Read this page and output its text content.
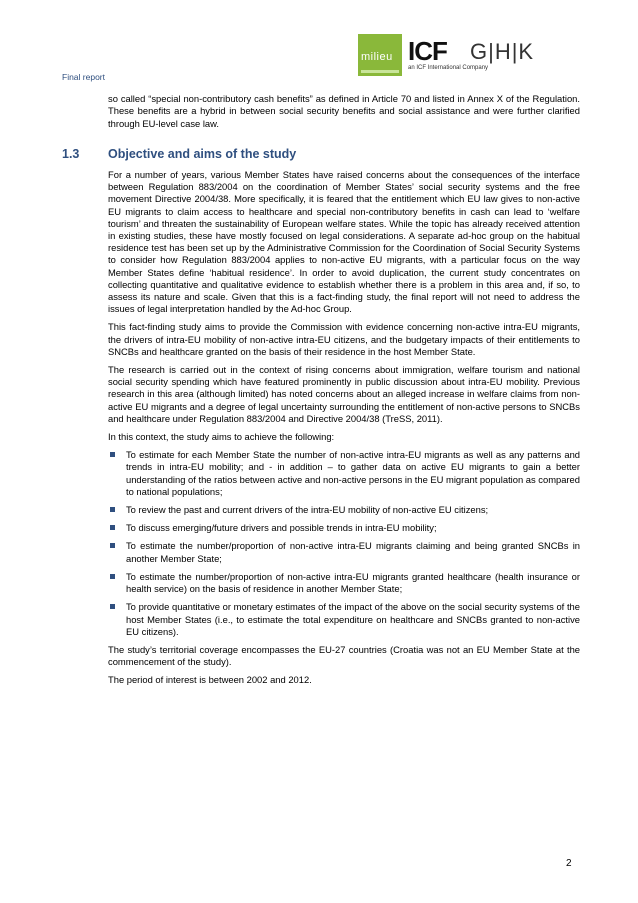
Final report
milieu ICF G|H|K
an ICF International Company

so called “special non-contributory cash benefits” as defined in Article 70 and listed in Annex X of the Regulation. These benefits are a hybrid in between social security benefits and social assistance and were further clarified through EU-level case law.

1.3 Objective and aims of the study

For a number of years, various Member States have raised concerns about the consequences of the interface between Regulation 883/2004 on the coordination of Member States’ social security systems and the free movement Directive 2004/38. More specifically, it is feared that the entitlement which EU law gives to non-active EU migrants to claim access to healthcare and special non-contributory benefits in cash can lead to ‘welfare tourism’ and threaten the sustainability of European welfare states. While the topic has already received attention in existing studies, these have mostly focused on legal considerations. A separate ad-hoc group on the habitual residence test has been set up by the Administrative Commission for the Coordination of Social Security Systems to consider how Regulation 883/2004 applies to non-active EU migrants, with a particular focus on the way Member States define ‘habitual residence’. In order to avoid duplication, the current study concentrates on collecting quantitative and qualitative evidence to establish whether there is a problem in this area and, if so, to assess its nature and scale. Given that this is a fact-finding study, the final report will not need to address the issues of legal interpretation handled by the Ad-hoc Group.

This fact-finding study aims to provide the Commission with evidence concerning non-active intra-EU migrants, the drivers of intra-EU mobility of non-active intra-EU citizens, and the budgetary impacts of their entitlements to SNCBs and healthcare granted on the basis of their residence in the host Member State.

The research is carried out in the context of rising concerns about immigration, welfare tourism and national social security spending which have featured prominently in public discussion about intra-EU mobility. Previous research in this area (although limited) has noted concerns about an alleged increase in welfare claims from non-active EU migrants and a degree of legal uncertainty surrounding the entitlement of non-active persons to SNCBs and healthcare under Regulation 883/2004 and Directive 2004/38 (TreSS, 2011).

In this context, the study aims to achieve the following:

To estimate for each Member State the number of non-active intra-EU migrants as well as any patterns and trends in intra-EU mobility; and - in addition – to gather data on active EU migrants to gain a better understanding of the ratios between active and non-active persons in the EU migrant population as compared to national populations;
To review the past and current drivers of the intra-EU mobility of non-active EU citizens;
To discuss emerging/future drivers and possible trends in intra-EU mobility;
To estimate the number/proportion of non-active intra-EU migrants claiming and being granted SNCBs in another Member State;
To estimate the number/proportion of non-active intra-EU migrants granted healthcare (health insurance or health service) on the basis of residence in another Member State;
To provide quantitative or monetary estimates of the impact of the above on the social security systems of the host Member States (i.e., to estimate the total expenditure on healthcare and SNCBs granted to non-active EU citizens).

The study’s territorial coverage encompasses the EU-27 countries (Croatia was not an EU Member State at the commencement of the study).

The period of interest is between 2002 and 2012.

2
